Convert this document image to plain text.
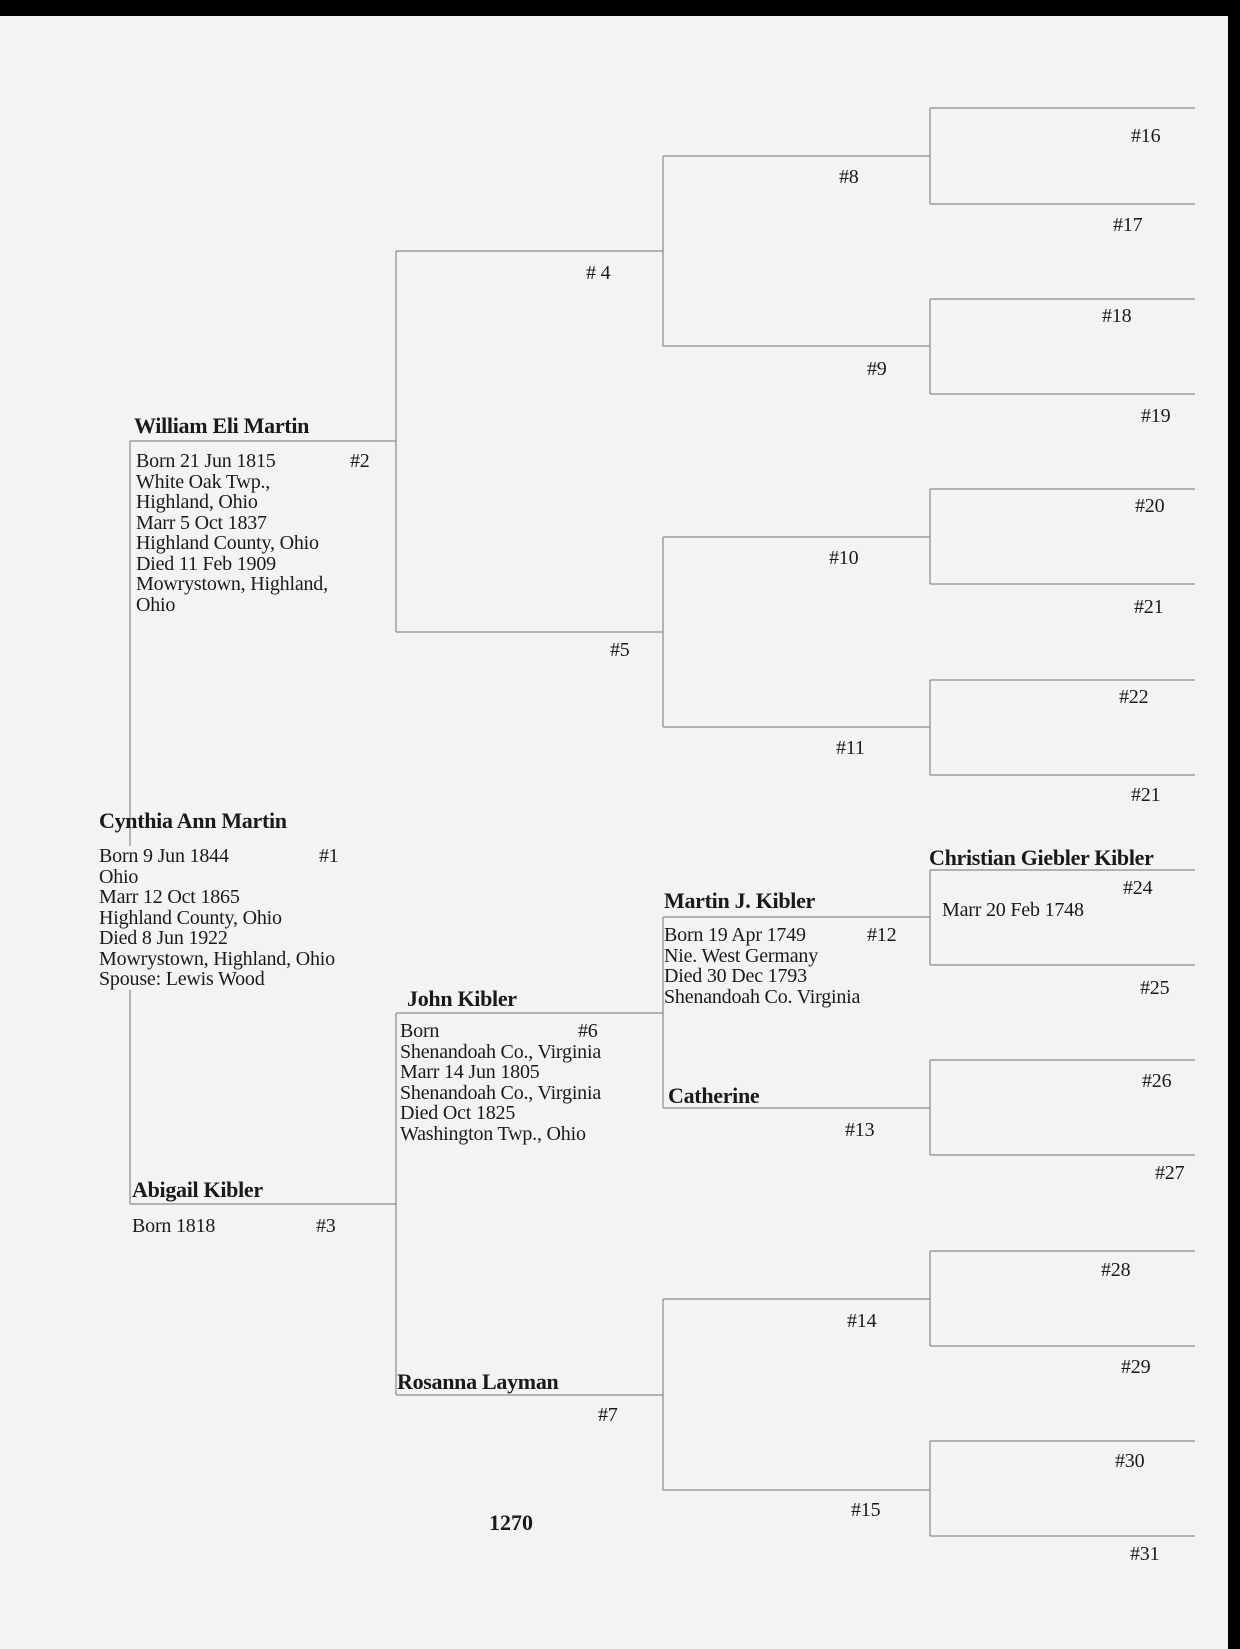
Cynthia Ann Martin
Born 9 Jun 1844
Ohio
Marr 12 Oct 1865
Highland County, Ohio
Died 8 Jun 1922
Mowrystown, Highland, Ohio
Spouse: Lewis Wood
#1
William Eli Martin
Born 21 Jun 1815
White Oak Twp.,
Highland, Ohio
Marr 5 Oct 1837
Highland County, Ohio
Died 11 Feb 1909
Mowrystown, Highland,
Ohio
#2
Abigail Kibler
Born 1818	#3
John Kibler
Born
Shenandoah Co., Virginia
Marr 14 Jun 1805
Shenandoah Co., Virginia
Died Oct 1825
Washington Twp., Ohio
#6
Rosanna Layman
#7
Martin J. Kibler
Born 19 Apr 1749
Nie. West Germany
Died 30 Dec 1793
Shenandoah Co. Virginia
#12
Catherine
#13
Christian Giebler Kibler
#24
Marr 20 Feb 1748
# 4
#5
#8
#9
#10
#11
#14
#15
#16
#17
#18
#19
#20
#21
#22
#21
#25
#26
#27
#28
#29
#30
#31
1270
